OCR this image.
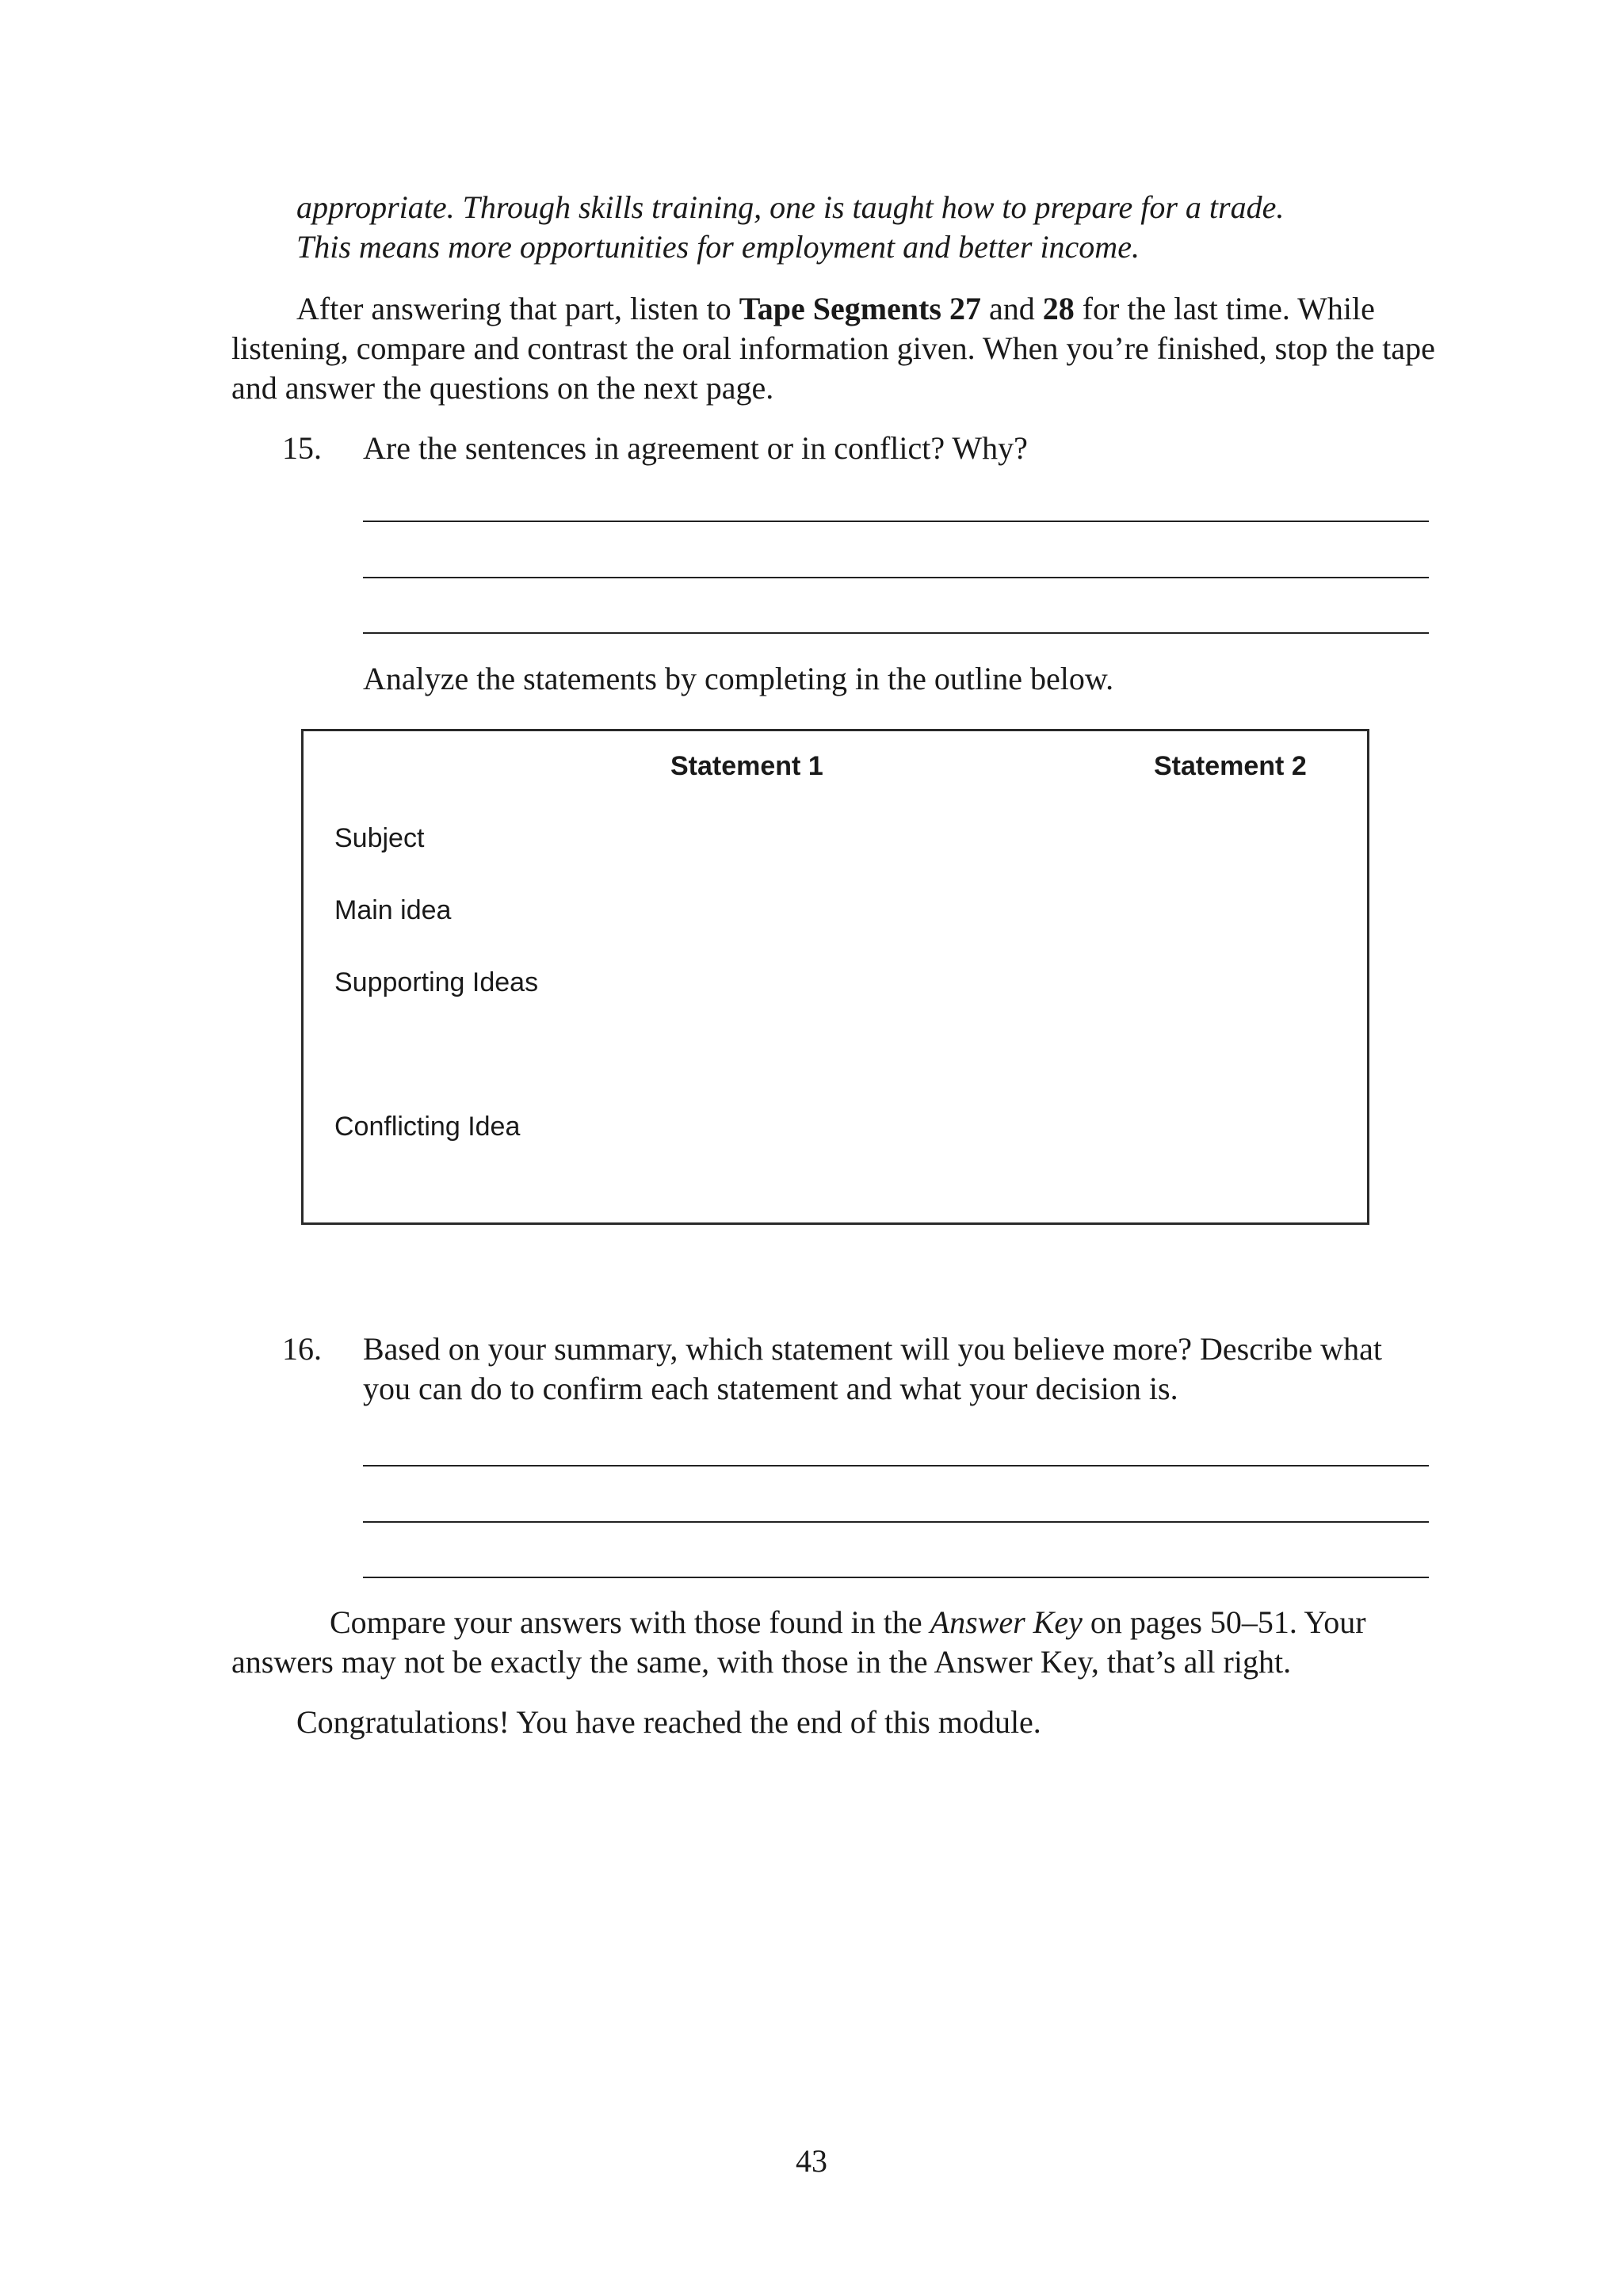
appropriate. Through skills training, one is taught how to prepare for a trade.
This means more opportunities for employment and better income.
After answering that part, listen to Tape Segments 27 and 28 for the last time. While
listening, compare and contrast the oral information given. When you’re finished, stop the tape
and answer the questions on the next page.
15. Are the sentences in agreement or in conflict? Why?
Analyze the statements by completing in the outline below.
Statement 1	Statement 2
Subject
Main idea
Supporting Ideas
Conflicting Idea
16. Based on your summary, which statement will you believe more? Describe what
you can do to confirm each statement and what your decision is.
Compare your answers with those found in the Answer Key on pages 50–51. Your
answers may not be exactly the same, with those in the Answer Key, that’s all right.
Congratulations! You have reached the end of this module.
43
